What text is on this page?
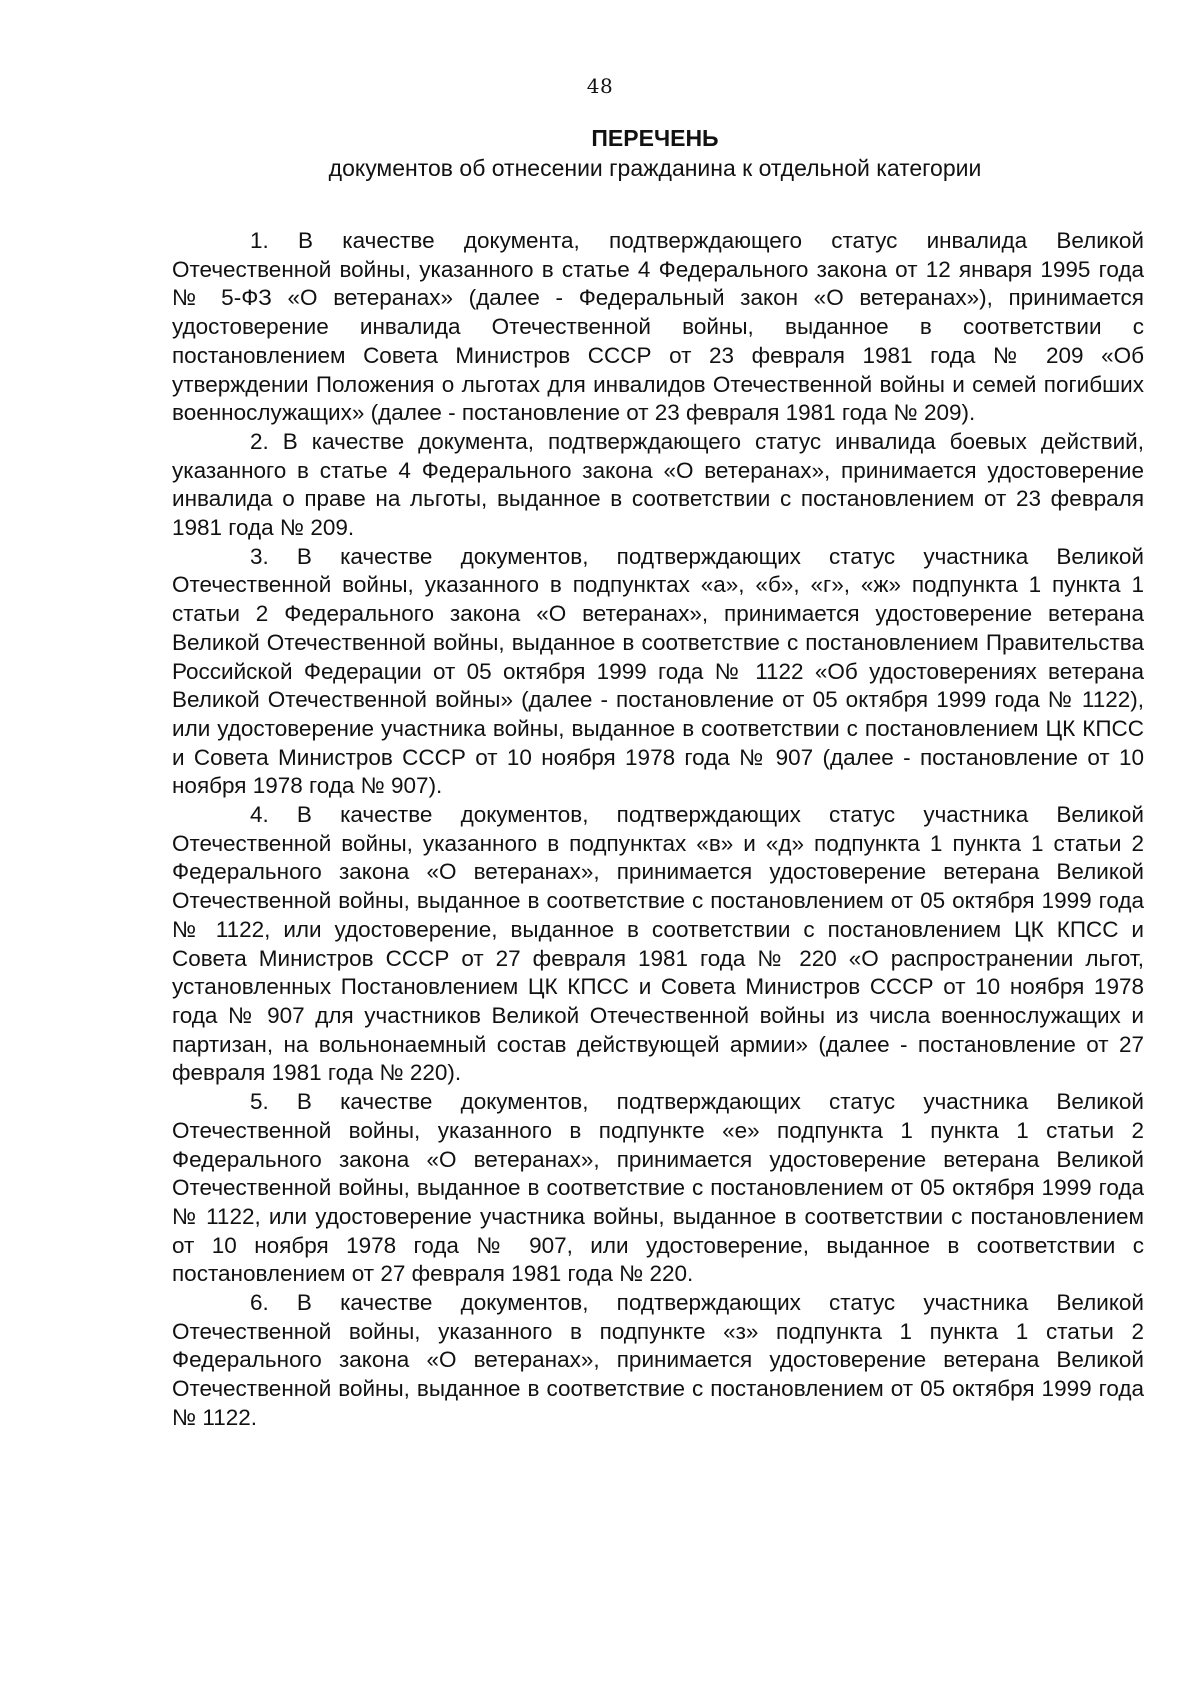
48
ПЕРЕЧЕНЬ
документов об отнесении гражданина к отдельной категории

1. В качестве документа, подтверждающего статус инвалида Великой Отечественной войны, указанного в статье 4 Федерального закона от 12 января 1995 года № 5-ФЗ «О ветеранах» (далее - Федеральный закон «О ветеранах»), принимается удостоверение инвалида Отечественной войны, выданное в соответствии с постановлением Совета Министров СССР от 23 февраля 1981 года № 209 «Об утверждении Положения о льготах для инвалидов Отечественной войны и семей погибших военнослужащих» (далее - постановление от 23 февраля 1981 года № 209).

2. В качестве документа, подтверждающего статус инвалида боевых действий, указанного в статье 4 Федерального закона «О ветеранах», принимается удостоверение инвалида о праве на льготы, выданное в соответствии с постановлением от 23 февраля 1981 года № 209.

3. В качестве документов, подтверждающих статус участника Великой Отечественной войны, указанного в подпунктах «а», «б», «г», «ж» подпункта 1 пункта 1 статьи 2 Федерального закона «О ветеранах», принимается удостоверение ветерана Великой Отечественной войны, выданное в соответствие с постановлением Правительства Российской Федерации от 05 октября 1999 года № 1122 «Об удостоверениях ветерана Великой Отечественной войны» (далее - постановление от 05 октября 1999 года № 1122), или удостоверение участника войны, выданное в соответствии с постановлением ЦК КПСС и Совета Министров СССР от 10 ноября 1978 года № 907 (далее - постановление от 10 ноября 1978 года № 907).

4. В качестве документов, подтверждающих статус участника Великой Отечественной войны, указанного в подпунктах «в» и «д» подпункта 1 пункта 1 статьи 2 Федерального закона «О ветеранах», принимается удостоверение ветерана Великой Отечественной войны, выданное в соответствие с постановлением от 05 октября 1999 года № 1122, или удостоверение, выданное в соответствии с постановлением ЦК КПСС и Совета Министров СССР от 27 февраля 1981 года № 220 «О распространении льгот, установленных Постановлением ЦК КПСС и Совета Министров СССР от 10 ноября 1978 года № 907 для участников Великой Отечественной войны из числа военнослужащих и партизан, на вольнонаемный состав действующей армии» (далее - постановление от 27 февраля 1981 года № 220).

5. В качестве документов, подтверждающих статус участника Великой Отечественной войны, указанного в подпункте «е» подпункта 1 пункта 1 статьи 2 Федерального закона «О ветеранах», принимается удостоверение ветерана Великой Отечественной войны, выданное в соответствие с постановлением от 05 октября 1999 года № 1122, или удостоверение участника войны, выданное в соответствии с постановлением от 10 ноября 1978 года № 907, или удостоверение, выданное в соответствии с постановлением от 27 февраля 1981 года № 220.

6. В качестве документов, подтверждающих статус участника Великой Отечественной войны, указанного в подпункте «з» подпункта 1 пункта 1 статьи 2 Федерального закона «О ветеранах», принимается удостоверение ветерана Великой Отечественной войны, выданное в соответствие с постановлением от 05 октября 1999 года № 1122.
